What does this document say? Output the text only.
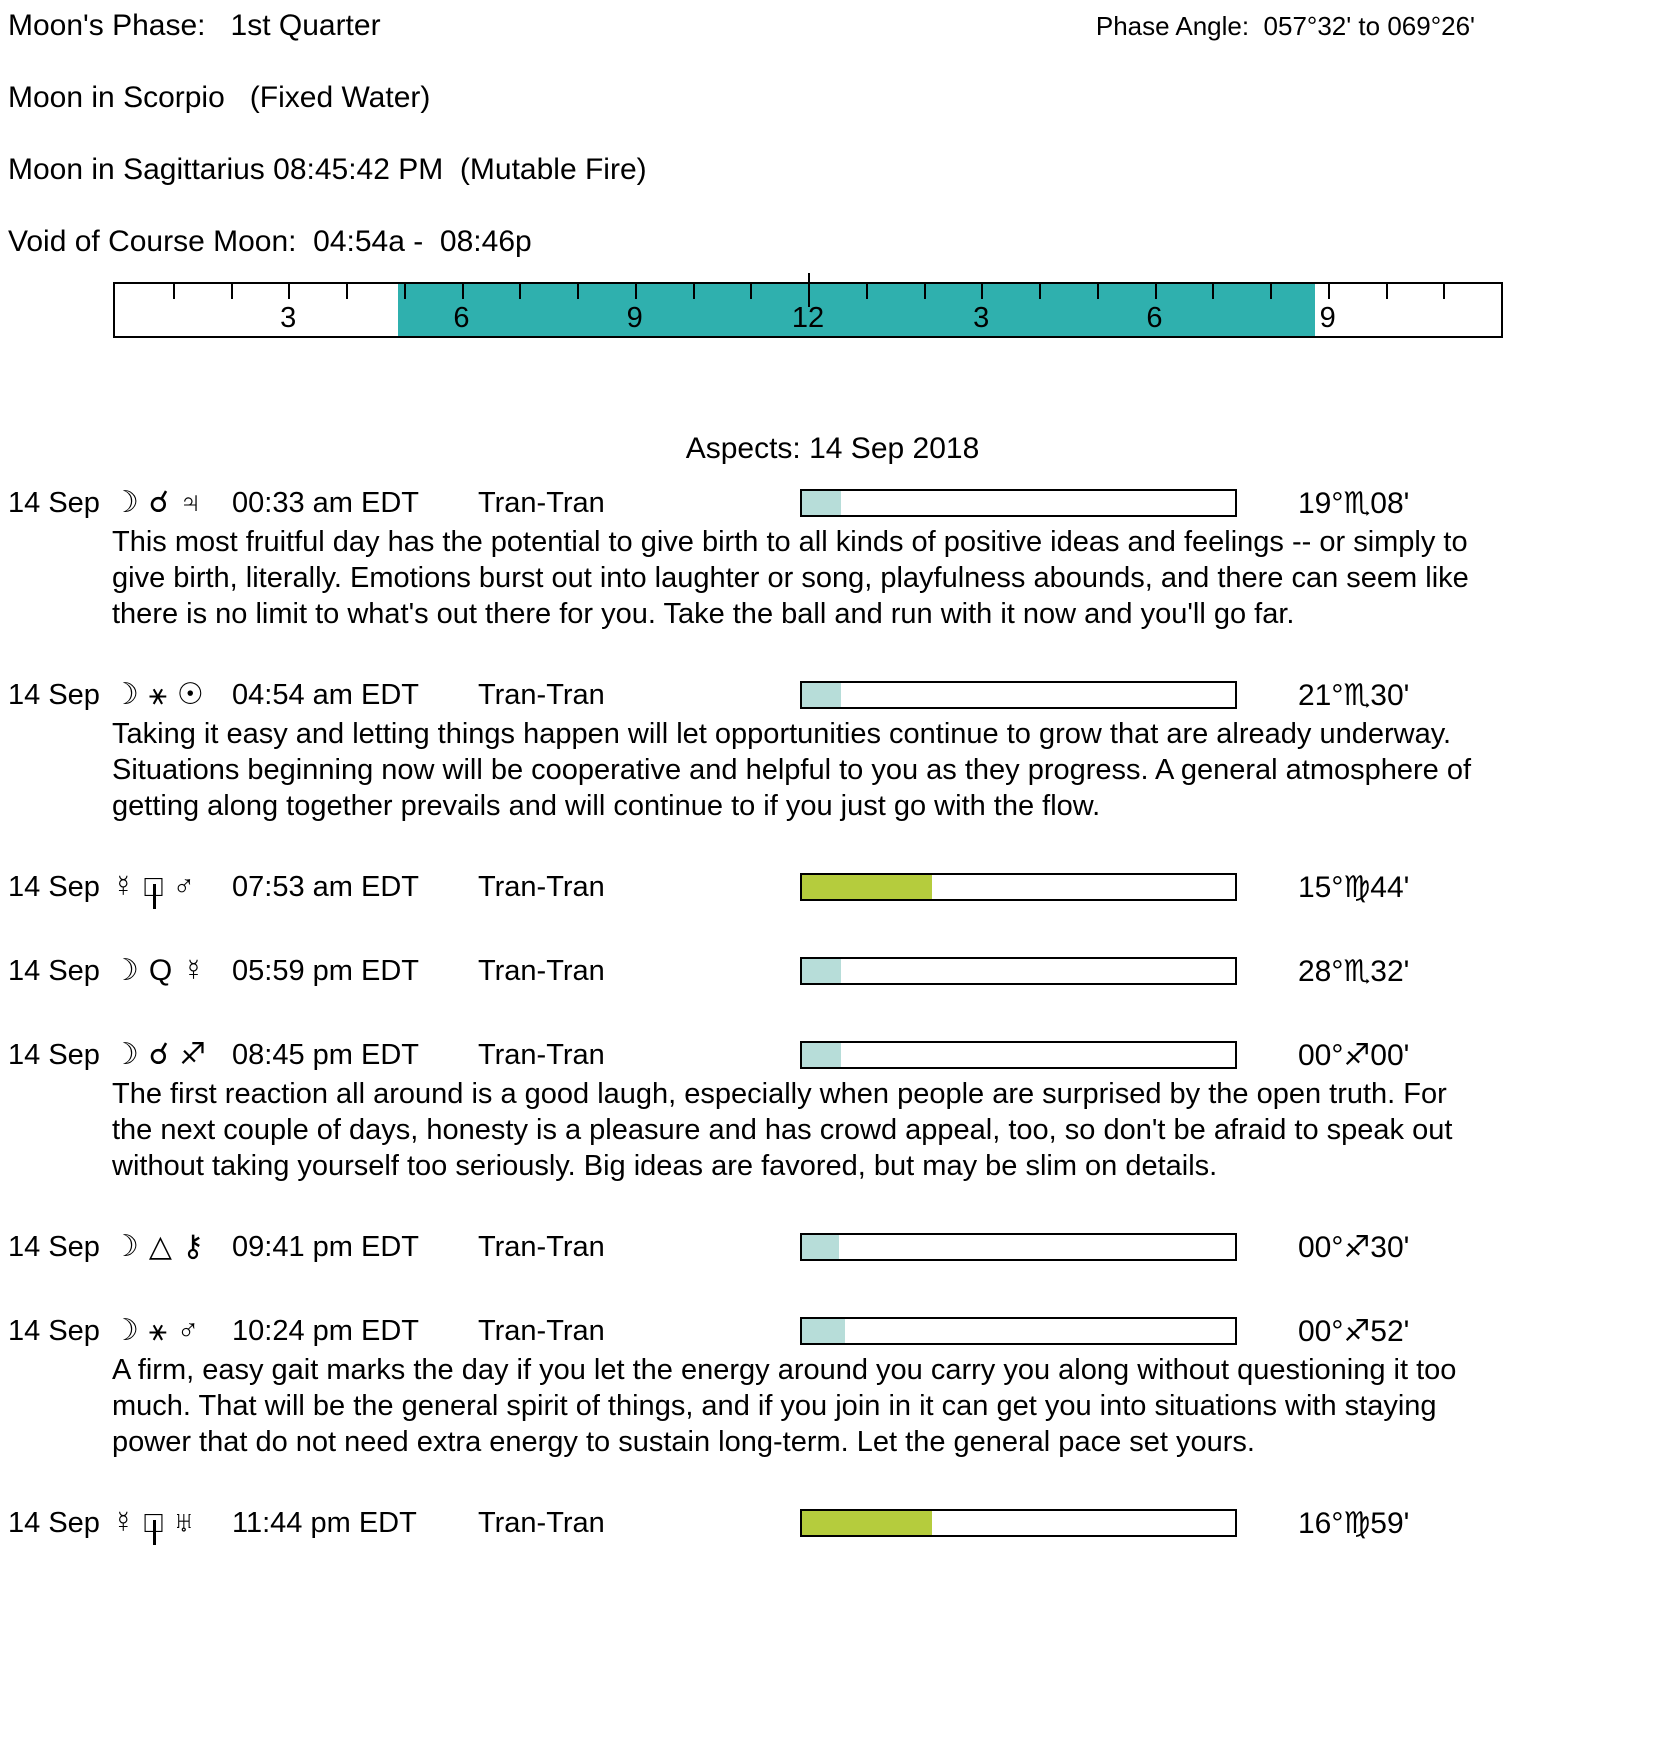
Moon's Phase:   1st Quarter	Phase Angle:  057°32' to 069°26'

Moon in Scorpio   (Fixed Water)

Moon in Sagittarius 08:45:42 PM  (Mutable Fire)

Void of Course Moon:  04:54a -  08:46p

3	6	9	12	3	6	9
Aspects: 14 Sep 2018
14 Sep ☽ ☌ ♃ 00:33 am EDT	Tran-Tran	19°♏08'

This most fruitful day has the potential to give birth to all kinds of positive ideas and feelings -- or simply to give birth, literally. Emotions burst out into laughter or song, playfulness abounds, and there can seem like there is no limit to what's out there for you. Take the ball and run with it now and you'll go far.

14 Sep ☽ ⚹ ☉ 04:54 am EDT	Tran-Tran	21°♏30'

Taking it easy and letting things happen will let opportunities continue to grow that are already underway. Situations beginning now will be cooperative and helpful to you as they progress. A general atmosphere of getting along together prevails and will continue to if you just go with the flow.

14 Sep ☿ □ ♂ 07:53 am EDT	Tran-Tran	15°♍44'
14 Sep ☽ Q ☿ 05:59 pm EDT	Tran-Tran	28°♏32'
14 Sep ☽ ☌ ♐ 08:45 pm EDT	Tran-Tran	00°♐00'

The first reaction all around is a good laugh, especially when people are surprised by the open truth. For the next couple of days, honesty is a pleasure and has crowd appeal, too, so don't be afraid to speak out without taking yourself too seriously. Big ideas are favored, but may be slim on details.

14 Sep ☽ △ ⚷ 09:41 pm EDT	Tran-Tran	00°♐30'
14 Sep ☽ ⚹ ♂ 10:24 pm EDT	Tran-Tran	00°♐52'

A firm, easy gait marks the day if you let the energy around you carry you along without questioning it too much. That will be the general spirit of things, and if you join in it can get you into situations with staying power that do not need extra energy to sustain long-term. Let the general pace set yours.

14 Sep ☿ □ ♅ 11:44 pm EDT	Tran-Tran	16°♍59'
